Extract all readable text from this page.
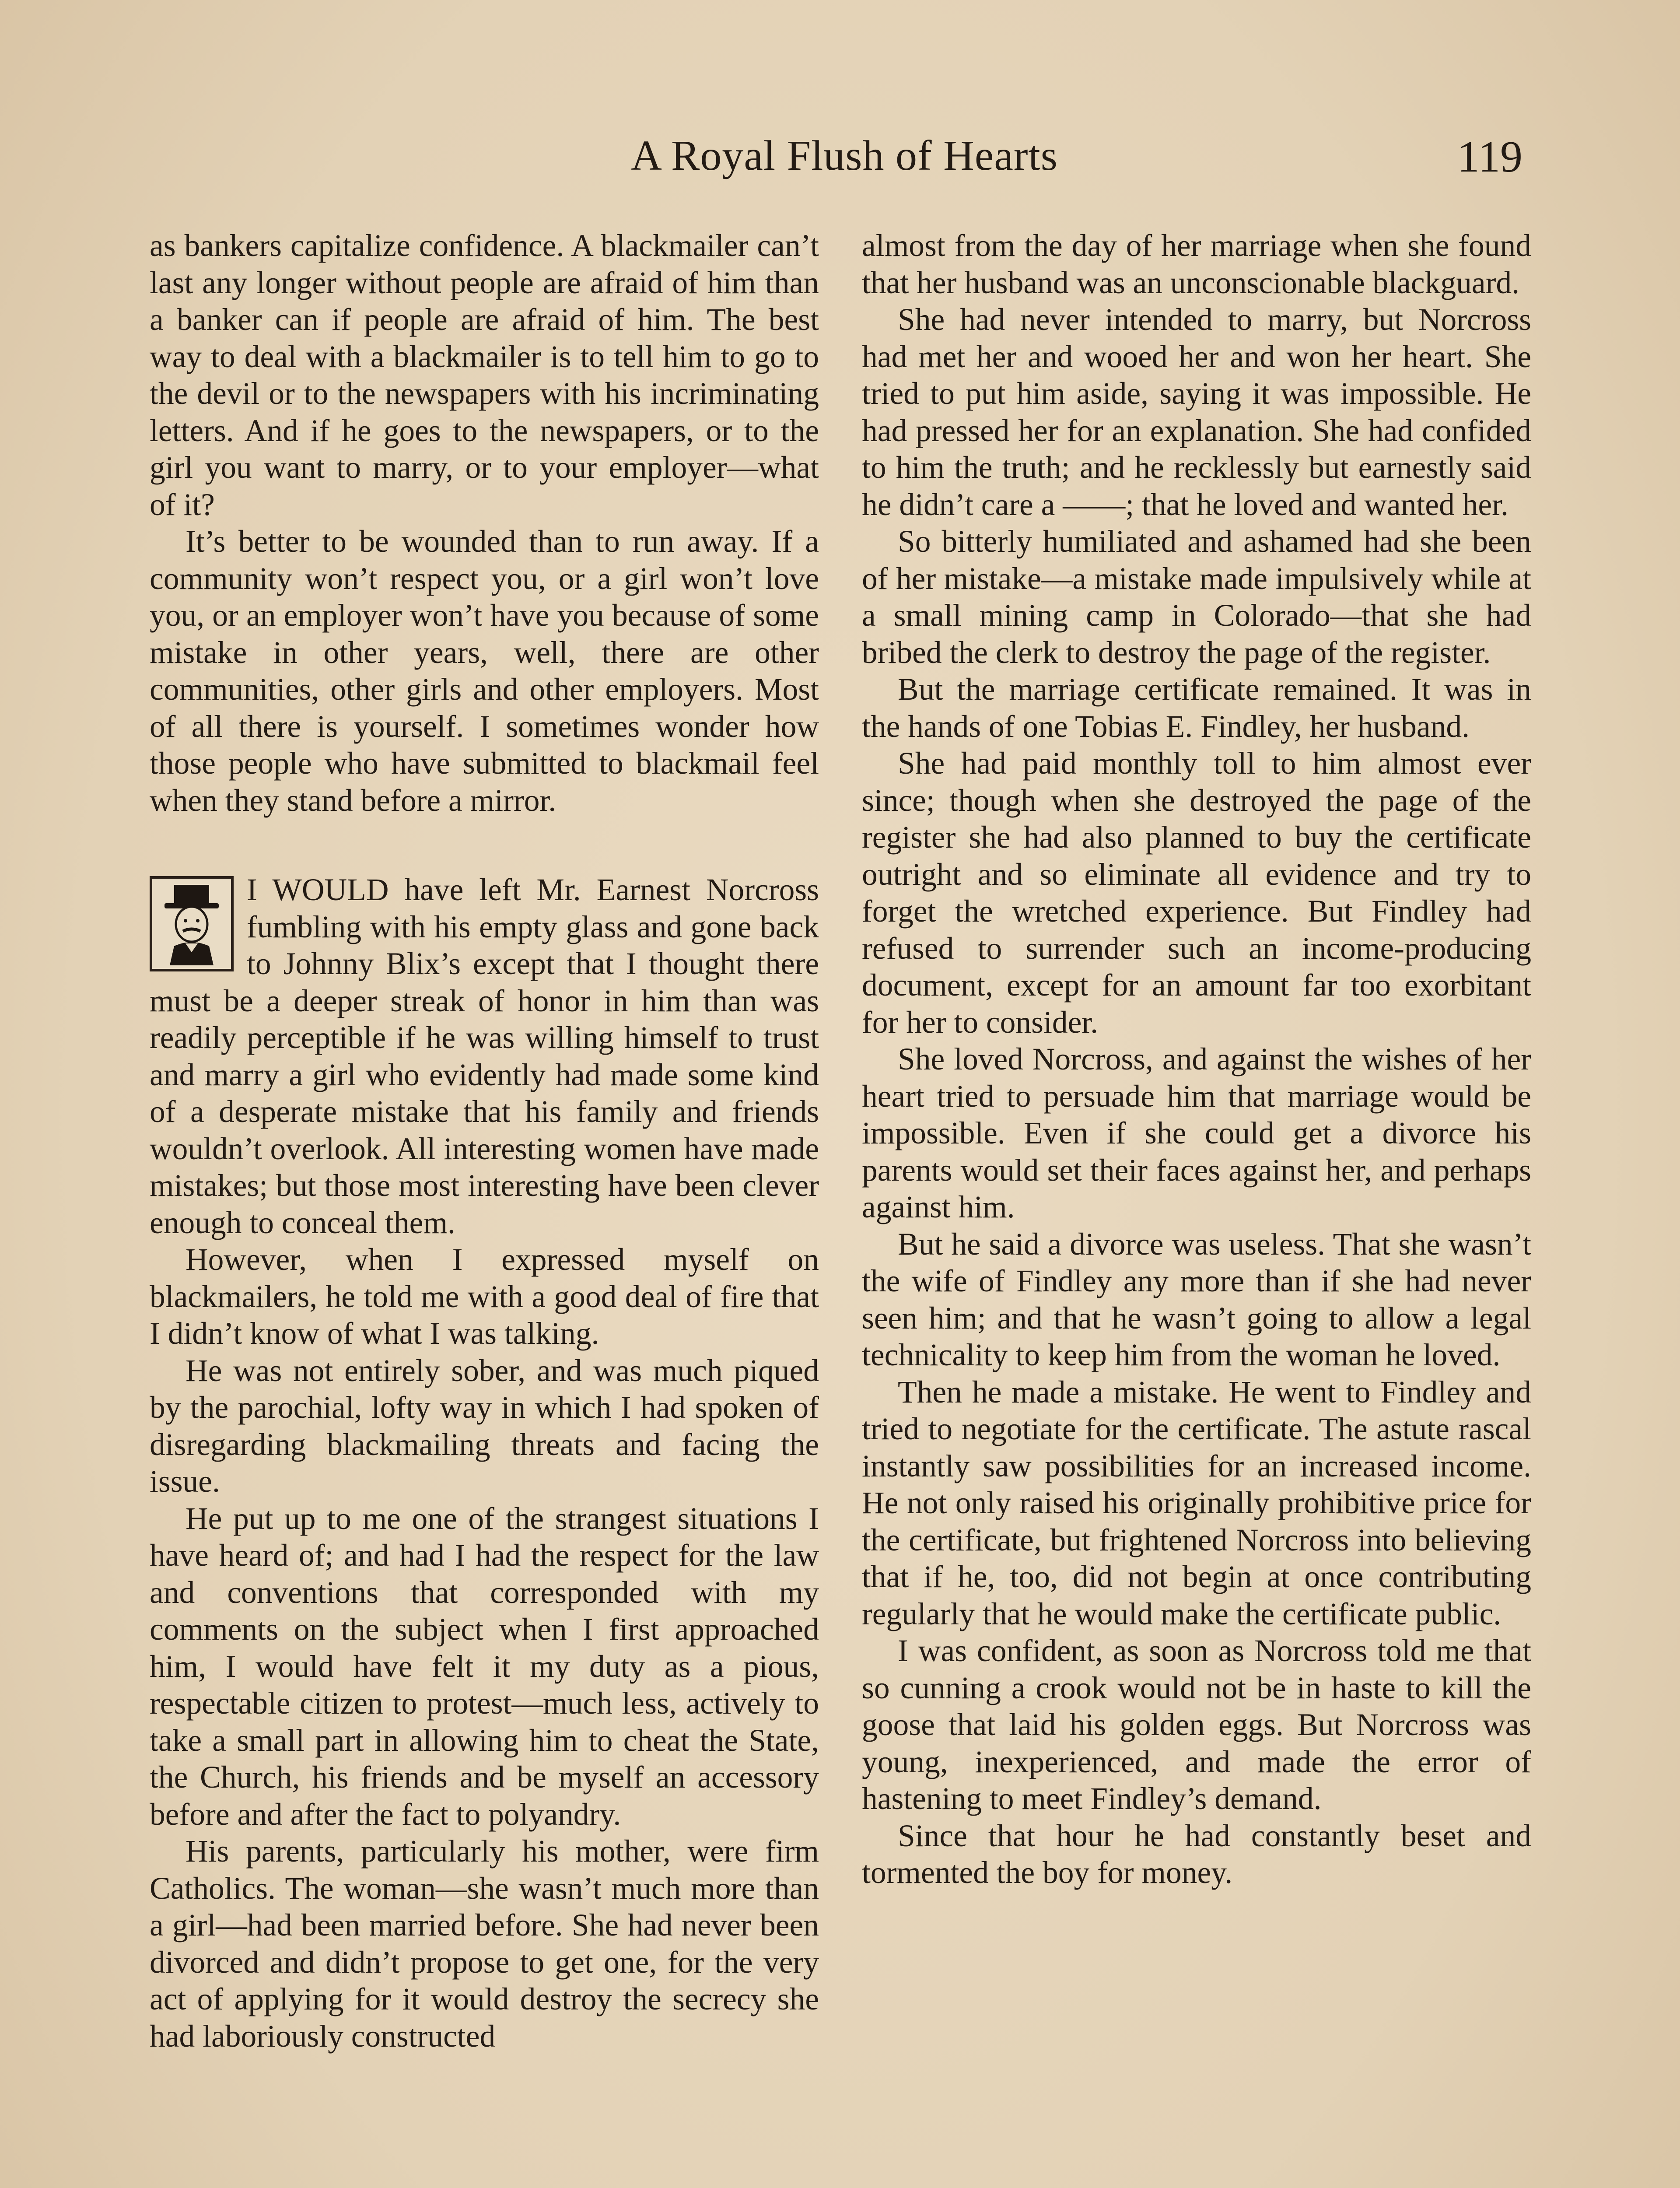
A Royal Flush of Hearts	119

as bankers capitalize confidence. A blackmailer can’t last any longer without people are afraid of him than a banker can if people are afraid of him. The best way to deal with a blackmailer is to tell him to go to the devil or to the newspapers with his incriminating letters. And if he goes to the newspapers, or to the girl you want to marry, or to your employer—what of it?

It’s better to be wounded than to run away. If a community won’t respect you, or a girl won’t love you, or an employer won’t have you because of some mistake in other years, well, there are other communities, other girls and other employers. Most of all there is yourself. I sometimes wonder how those people who have submitted to blackmail feel when they stand before a mirror.

I WOULD have left Mr. Earnest Norcross fumbling with his empty glass and gone back to Johnny Blix’s except that I thought there must be a deeper streak of honor in him than was readily perceptible if he was willing himself to trust and marry a girl who evidently had made some kind of a desperate mistake that his family and friends wouldn’t overlook. All interesting women have made mistakes; but those most interesting have been clever enough to conceal them.

However, when I expressed myself on blackmailers, he told me with a good deal of fire that I didn’t know of what I was talking.

He was not entirely sober, and was much piqued by the parochial, lofty way in which I had spoken of disregarding blackmailing threats and facing the issue.

He put up to me one of the strangest situations I have heard of; and had I had the respect for the law and conventions that corresponded with my comments on the subject when I first approached him, I would have felt it my duty as a pious, respectable citizen to protest—much less, actively to take a small part in allowing him to cheat the State, the Church, his friends and be myself an accessory before and after the fact to polyandry.

His parents, particularly his mother, were firm Catholics. The woman—she wasn’t much more than a girl—had been married before. She had never been divorced and didn’t propose to get one, for the very act of applying for it would destroy the secrecy she had laboriously constructed

almost from the day of her marriage when she found that her husband was an unconscionable blackguard.

She had never intended to marry, but Norcross had met her and wooed her and won her heart. She tried to put him aside, saying it was impossible. He had pressed her for an explanation. She had confided to him the truth; and he recklessly but earnestly said he didn’t care a ——; that he loved and wanted her.

So bitterly humiliated and ashamed had she been of her mistake—a mistake made impulsively while at a small mining camp in Colorado—that she had bribed the clerk to destroy the page of the register.

But the marriage certificate remained. It was in the hands of one Tobias E. Findley, her husband.

She had paid monthly toll to him almost ever since; though when she destroyed the page of the register she had also planned to buy the certificate outright and so eliminate all evidence and try to forget the wretched experience. But Findley had refused to surrender such an income-producing document, except for an amount far too exorbitant for her to consider.

She loved Norcross, and against the wishes of her heart tried to persuade him that marriage would be impossible. Even if she could get a divorce his parents would set their faces against her, and perhaps against him.

But he said a divorce was useless. That she wasn’t the wife of Findley any more than if she had never seen him; and that he wasn’t going to allow a legal technicality to keep him from the woman he loved.

Then he made a mistake. He went to Findley and tried to negotiate for the certificate. The astute rascal instantly saw possibilities for an increased income. He not only raised his originally prohibitive price for the certificate, but frightened Norcross into believing that if he, too, did not begin at once contributing regularly that he would make the certificate public.

I was confident, as soon as Norcross told me that so cunning a crook would not be in haste to kill the goose that laid his golden eggs. But Norcross was young, inexperienced, and made the error of hastening to meet Findley’s demand.

Since that hour he had constantly beset and tormented the boy for money.
